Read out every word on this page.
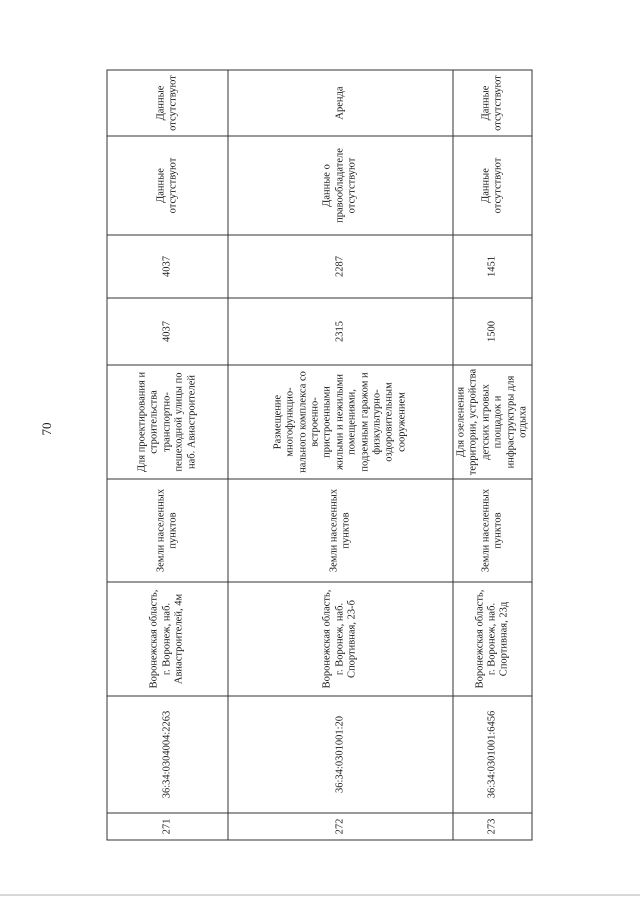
70
271	36:34:0304004:2263	Воронежская область, г. Воронеж, наб. Авиастроителей, 4м	Земли населенных пунктов	Для проектирования и строительства транспортно-пешеходной улицы по наб. Авиастроителей	4037	4037	Данные отсутствуют	Данные отсутствуют
272	36:34:0301001:20	Воронежская область, г. Воронеж, наб. Спортивная, 23-б	Земли населенных пунктов	Размещение многофункцио-нального комплекса со встроенно-пристроенными жилыми и нежилыми помещениями, подземным гаражом и физкультурно-оздоровительным сооружением	2315	2287	Данные о правообладателе отсутствуют	Аренда
273	36:34:0301001:6456	Воронежская область, г. Воронеж, наб. Спортивная, 23д	Земли населенных пунктов	Для озеленения территории, устройства детских игровых площадок и инфраструктуры для отдыха	1500	1451	Данные отсутствуют	Данные отсутствуют
